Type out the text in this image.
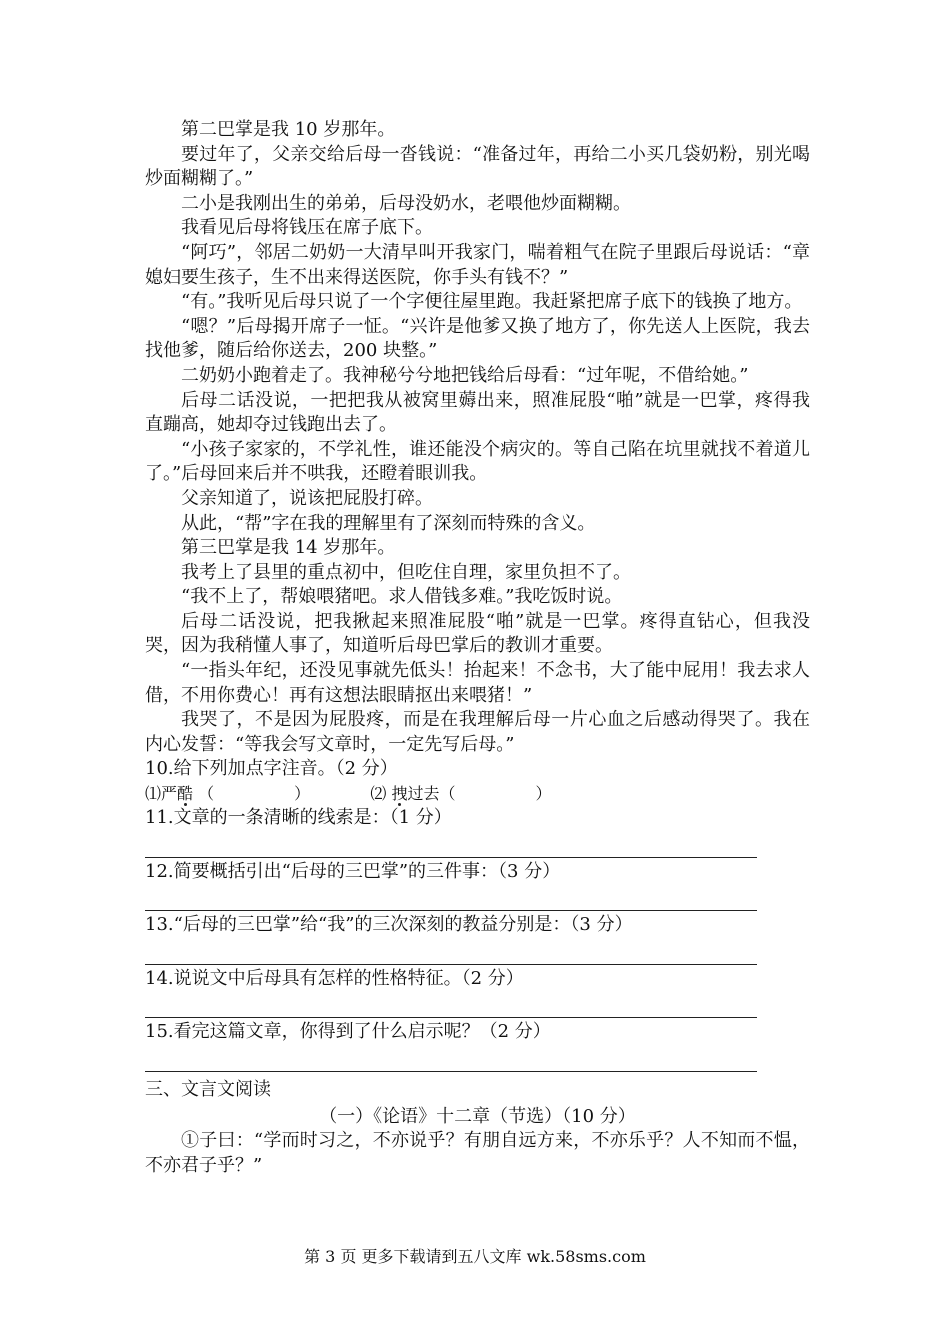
第二巴掌是我 10 岁那年。

要过年了，父亲交给后母一沓钱说：“准备过年，再给二小买几袋奶粉，别光喝炒面糊糊了。”

二小是我刚出生的弟弟，后母没奶水，老喂他炒面糊糊。

我看见后母将钱压在席子底下。

“阿巧”，邻居二奶奶一大清早叫开我家门，喘着粗气在院子里跟后母说话：“章媳妇要生孩子，生不出来得送医院，你手头有钱不？”

“有。”我听见后母只说了一个字便往屋里跑。我赶紧把席子底下的钱换了地方。

“嗯？”后母揭开席子一怔。“兴许是他爹又换了地方了，你先送人上医院，我去找他爹，随后给你送去，200 块整。”

二奶奶小跑着走了。我神秘兮兮地把钱给后母看：“过年呢，不借给她。”

后母二话没说，一把把我从被窝里薅出来，照准屁股“啪”就是一巴掌，疼得我直蹦高，她却夺过钱跑出去了。

“小孩子家家的，不学礼性，谁还能没个病灾的。等自己陷在坑里就找不着道儿了。”后母回来后并不哄我，还瞪着眼训我。

父亲知道了，说该把屁股打碎。

从此，“帮”字在我的理解里有了深刻而特殊的含义。

第三巴掌是我 14 岁那年。

我考上了县里的重点初中，但吃住自理，家里负担不了。

“我不上了，帮娘喂猪吧。求人借钱多难。”我吃饭时说。

后母二话没说，把我揪起来照准屁股“啪”就是一巴掌。疼得直钻心，但我没哭，因为我稍懂人事了，知道听后母巴掌后的教训才重要。

“一指头年纪，还没见事就先低头！抬起来！不念书，大了能中屁用！我去求人借，不用你费心！再有这想法眼睛抠出来喂猪！”

我哭了，不是因为屁股疼，而是在我理解后母一片心血之后感动得哭了。我在内心发誓：“等我会写文章时，一定先写后母。”

10.给下列加点字注音。（2 分）

⑴严酷 （	）	⑵ 拽过去（	）

11.文章的一条清晰的线索是：（1 分）

12.简要概括引出“后母的三巴掌”的三件事：（3 分）

13.“后母的三巴掌”给“我”的三次深刻的教益分别是：（3 分）

14.说说文中后母具有怎样的性格特征。（2 分）

15.看完这篇文章，你得到了什么启示呢？（2 分）

三、文言文阅读

（一）《论语》十二章（节选）（10 分）

①子曰：“学而时习之，不亦说乎？有朋自远方来，不亦乐乎？人不知而不愠，不亦君子乎？”

第 3 页 更多下载请到五八文库 wk.58sms.com
